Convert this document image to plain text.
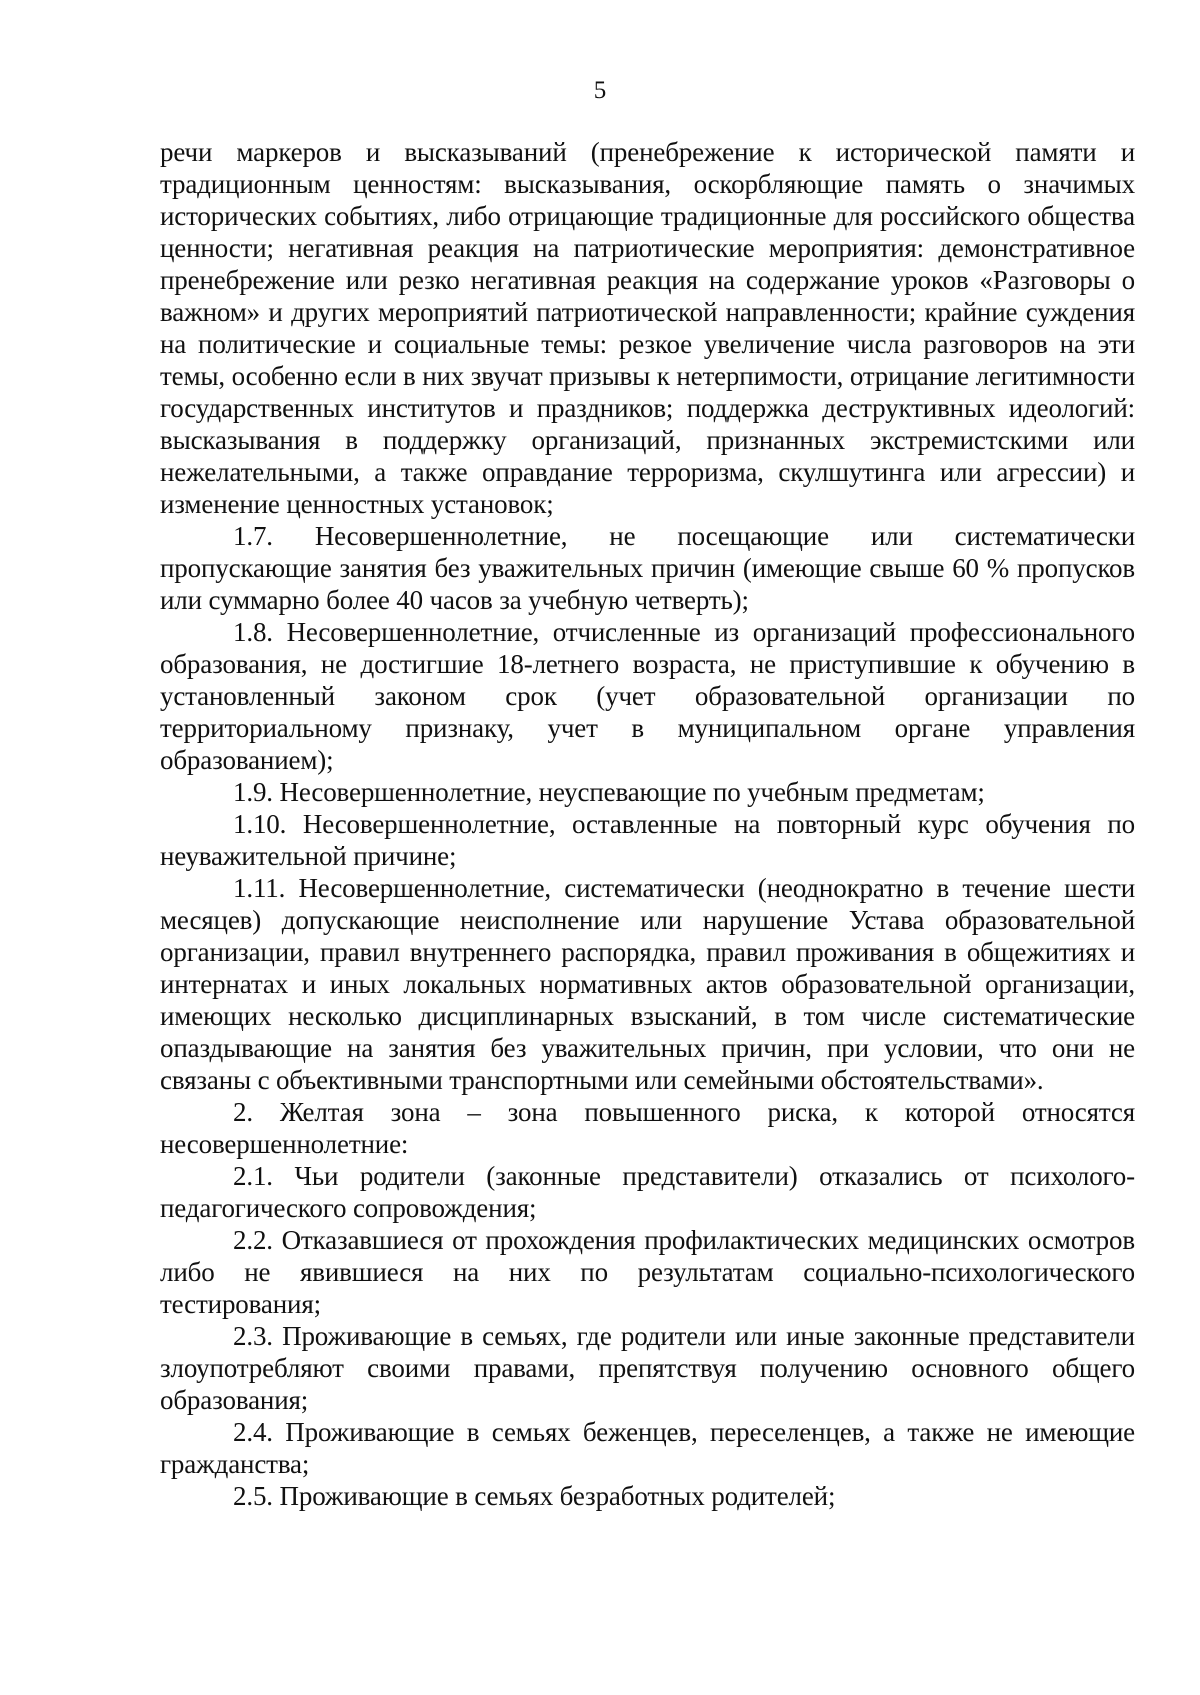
5

речи маркеров и высказываний (пренебрежение к исторической памяти и традиционным ценностям: высказывания, оскорбляющие память о значимых исторических событиях, либо отрицающие традиционные для российского общества ценности; негативная реакция на патриотические мероприятия: демонстративное пренебрежение или резко негативная реакция на содержание уроков «Разговоры о важном» и других мероприятий патриотической направленности; крайние суждения на политические и социальные темы: резкое увеличение числа разговоров на эти темы, особенно если в них звучат призывы к нетерпимости, отрицание легитимности государственных институтов и праздников; поддержка деструктивных идеологий: высказывания в поддержку организаций, признанных экстремистскими или нежелательными, а также оправдание терроризма, скулшутинга или агрессии) и изменение ценностных установок;

1.7. Несовершеннолетние, не посещающие или систематически пропускающие занятия без уважительных причин (имеющие свыше 60 % пропусков или суммарно более 40 часов за учебную четверть);

1.8. Несовершеннолетние, отчисленные из организаций профессионального образования, не достигшие 18-летнего возраста, не приступившие к обучению в установленный законом срок (учет образовательной организации по территориальному признаку, учет в муниципальном органе управления образованием);

1.9. Несовершеннолетние, неуспевающие по учебным предметам;

1.10. Несовершеннолетние, оставленные на повторный курс обучения по неуважительной причине;

1.11. Несовершеннолетние, систематически (неоднократно в течение шести месяцев) допускающие неисполнение или нарушение Устава образовательной организации, правил внутреннего распорядка, правил проживания в общежитиях и интернатах и иных локальных нормативных актов образовательной организации, имеющих несколько дисциплинарных взысканий, в том числе систематические опаздывающие на занятия без уважительных причин, при условии, что они не связаны с объективными транспортными или семейными обстоятельствами».

2. Желтая зона – зона повышенного риска, к которой относятся несовершеннолетние:

2.1. Чьи родители (законные представители) отказались от психолого-педагогического сопровождения;

2.2. Отказавшиеся от прохождения профилактических медицинских осмотров либо не явившиеся на них по результатам социально-психологического тестирования;

2.3. Проживающие в семьях, где родители или иные законные представители злоупотребляют своими правами, препятствуя получению основного общего образования;

2.4. Проживающие в семьях беженцев, переселенцев, а также не имеющие гражданства;

2.5. Проживающие в семьях безработных родителей;
